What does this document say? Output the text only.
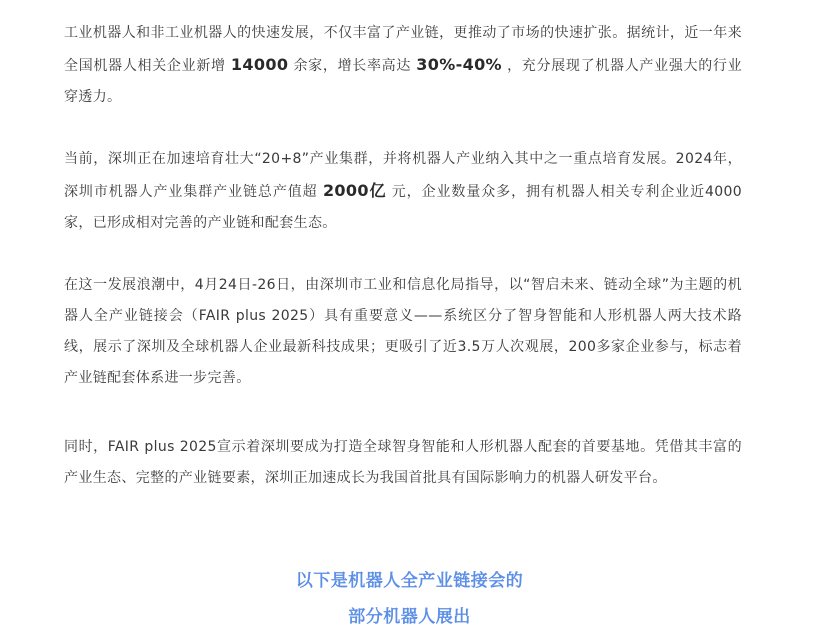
工业机器人和非工业机器人的快速发展，不仅丰富了产业链，更推动了市场的快速扩张。据统计，近一年来全国机器人相关企业新增 14000 余家，增长率高达 30%-40% ，充分展现了机器人产业强大的行业穿透力。

当前，深圳正在加速培育壮大“20+8”产业集群，并将机器人产业纳入其中之一重点培育发展。2024年，深圳市机器人产业集群产业链总产值超 2000亿 元，企业数量众多，拥有机器人相关专利企业近4000家，已形成相对完善的产业链和配套生态。

在这一发展浪潮中，4月24日-26日，由深圳市工业和信息化局指导，以“智启未来、链动全球”为主题的机器人全产业链接会（FAIR plus 2025）具有重要意义——系统区分了智身智能和人形机器人两大技术路线，展示了深圳及全球机器人企业最新科技成果；更吸引了近3.5万人次观展，200多家企业参与，标志着产业链配套体系进一步完善。

同时，FAIR plus 2025宣示着深圳要成为打造全球智身智能和人形机器人配套的首要基地。凭借其丰富的产业生态、完整的产业链要素，深圳正加速成长为我国首批具有国际影响力的机器人研发平台。

以下是机器人全产业链接会的

部分机器人展出
